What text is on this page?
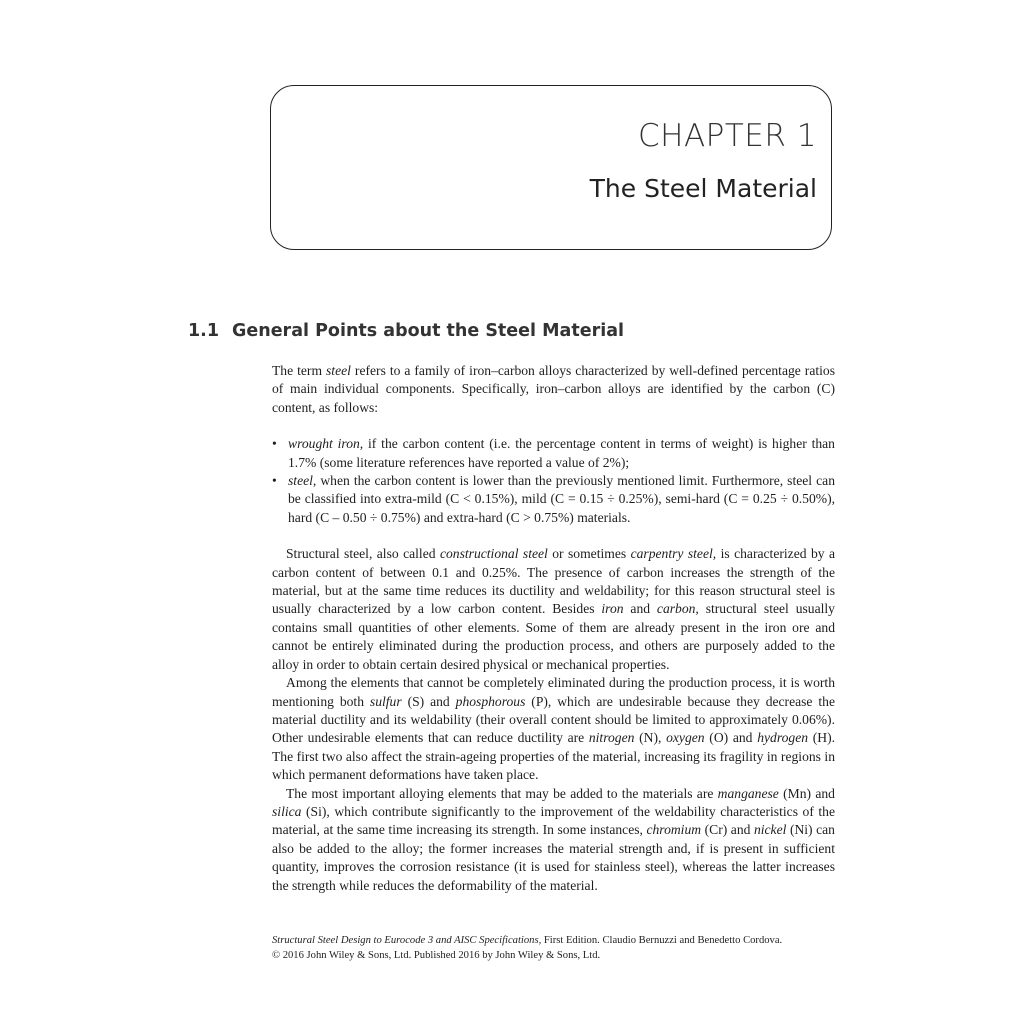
CHAPTER 1
The Steel Material
1.1 General Points about the Steel Material

The term steel refers to a family of iron–carbon alloys characterized by well-defined percentage ratios of main individual components. Specifically, iron–carbon alloys are identified by the carbon (C) content, as follows:

• wrought iron, if the carbon content (i.e. the percentage content in terms of weight) is higher than 1.7% (some literature references have reported a value of 2%);
• steel, when the carbon content is lower than the previously mentioned limit. Furthermore, steel can be classified into extra-mild (C < 0.15%), mild (C = 0.15 ÷ 0.25%), semi-hard (C = 0.25 ÷ 0.50%), hard (C – 0.50 ÷ 0.75%) and extra-hard (C > 0.75%) materials.

Structural steel, also called constructional steel or sometimes carpentry steel, is characterized by a carbon content of between 0.1 and 0.25%. The presence of carbon increases the strength of the material, but at the same time reduces its ductility and weldability; for this reason structural steel is usually characterized by a low carbon content. Besides iron and carbon, structural steel usually contains small quantities of other elements. Some of them are already present in the iron ore and cannot be entirely eliminated during the production process, and others are purposely added to the alloy in order to obtain certain desired physical or mechanical properties.

Among the elements that cannot be completely eliminated during the production process, it is worth mentioning both sulfur (S) and phosphorous (P), which are undesirable because they decrease the material ductility and its weldability (their overall content should be limited to approximately 0.06%). Other undesirable elements that can reduce ductility are nitrogen (N), oxygen (O) and hydrogen (H). The first two also affect the strain-ageing properties of the material, increasing its fragility in regions in which permanent deformations have taken place.

The most important alloying elements that may be added to the materials are manganese (Mn) and silica (Si), which contribute significantly to the improvement of the weldability characteristics of the material, at the same time increasing its strength. In some instances, chromium (Cr) and nickel (Ni) can also be added to the alloy; the former increases the material strength and, if is present in sufficient quantity, improves the corrosion resistance (it is used for stainless steel), whereas the latter increases the strength while reduces the deformability of the material.

Structural Steel Design to Eurocode 3 and AISC Specifications, First Edition. Claudio Bernuzzi and Benedetto Cordova.

© 2016 John Wiley & Sons, Ltd. Published 2016 by John Wiley & Sons, Ltd.
